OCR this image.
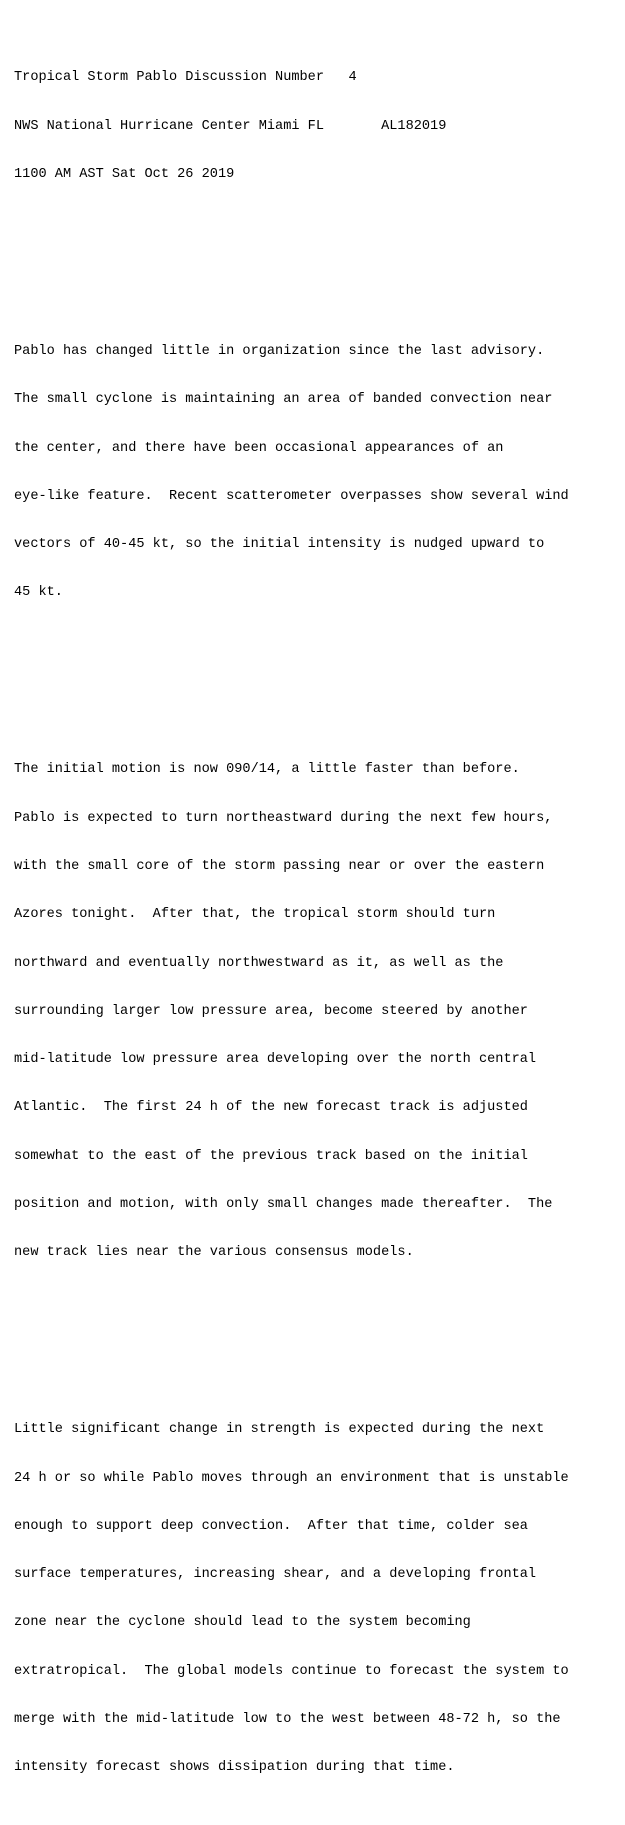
Tropical Storm Pablo Discussion Number   4

NWS National Hurricane Center Miami FL       AL182019

1100 AM AST Sat Oct 26 2019

Pablo has changed little in organization since the last advisory.

The small cyclone is maintaining an area of banded convection near

the center, and there have been occasional appearances of an

eye-like feature.  Recent scatterometer overpasses show several wind

vectors of 40-45 kt, so the initial intensity is nudged upward to

45 kt.

The initial motion is now 090/14, a little faster than before.

Pablo is expected to turn northeastward during the next few hours,

with the small core of the storm passing near or over the eastern

Azores tonight.  After that, the tropical storm should turn

northward and eventually northwestward as it, as well as the

surrounding larger low pressure area, become steered by another

mid-latitude low pressure area developing over the north central

Atlantic.  The first 24 h of the new forecast track is adjusted

somewhat to the east of the previous track based on the initial

position and motion, with only small changes made thereafter.  The

new track lies near the various consensus models.

Little significant change in strength is expected during the next

24 h or so while Pablo moves through an environment that is unstable

enough to support deep convection.  After that time, colder sea

surface temperatures, increasing shear, and a developing frontal

zone near the cyclone should lead to the system becoming

extratropical.  The global models continue to forecast the system to

merge with the mid-latitude low to the west between 48-72 h, so the

intensity forecast shows dissipation during that time.
